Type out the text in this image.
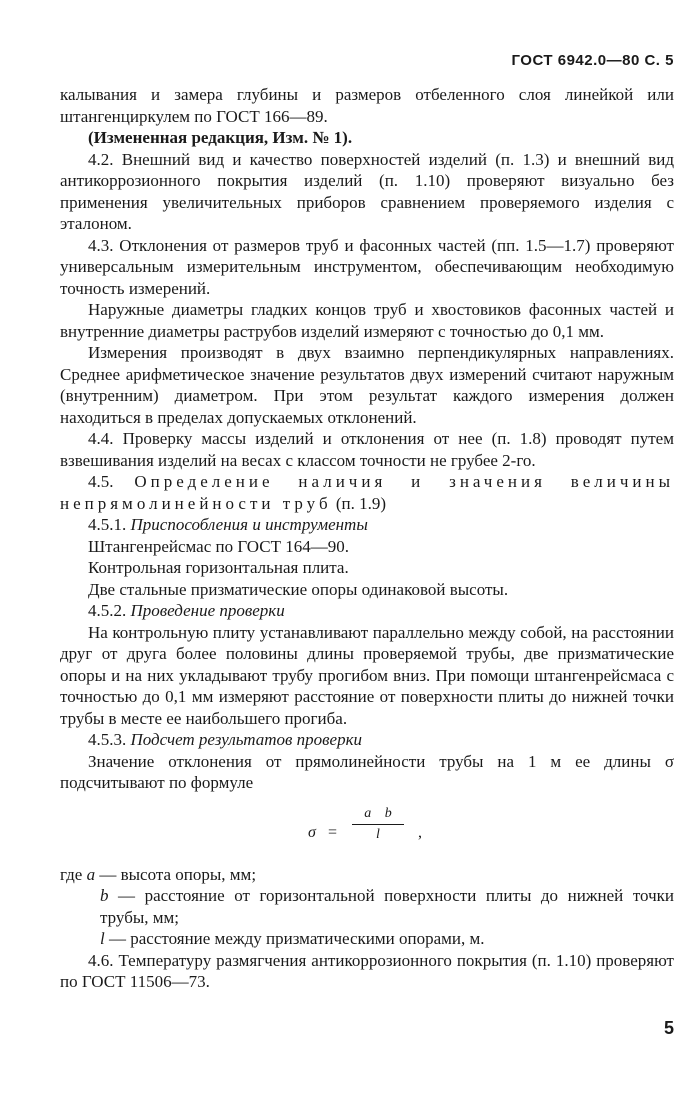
ГОСТ 6942.0—80 С. 5

калывания и замера глубины и размеров отбеленного слоя линейкой или штангенциркулем по ГОСТ 166—89.

(Измененная редакция, Изм. № 1).

4.2. Внешний вид и качество поверхностей изделий (п. 1.3) и внешний вид антикоррозионного покрытия изделий (п. 1.10) проверяют визуально без применения увеличительных приборов сравнением проверяемого изделия с эталоном.

4.3. Отклонения от размеров труб и фасонных частей (пп. 1.5—1.7) проверяют универсальным измерительным инструментом, обеспечивающим необходимую точность измерений.

Наружные диаметры гладких концов труб и хвостовиков фасонных частей и внутренние диаметры раструбов изделий измеряют с точностью до 0,1 мм.

Измерения производят в двух взаимно перпендикулярных направлениях. Среднее арифметическое значение результатов двух измерений считают наружным (внутренним) диаметром. При этом результат каждого измерения должен находиться в пределах допускаемых отклонений.

4.4. Проверку массы изделий и отклонения от нее (п. 1.8) проводят путем взвешивания изделий на весах с классом точности не грубее 2-го.

4.5. Определение наличия и значения величины непрямолинейности труб (п. 1.9)

4.5.1. Приспособления и инструменты

Штангенрейсмас по ГОСТ 164—90.

Контрольная горизонтальная плита.

Две стальные призматические опоры одинаковой высоты.

4.5.2. Проведение проверки

На контрольную плиту устанавливают параллельно между собой, на расстоянии друг от друга более половины длины проверяемой трубы, две призматические опоры и на них укладывают трубу прогибом вниз. При помощи штангенрейсмаса с точностью до 0,1 мм измеряют расстояние от поверхности плиты до нижней точки трубы в месте ее наибольшего прогиба.

4.5.3. Подсчет результатов проверки

Значение отклонения от прямолинейности трубы на 1 м ее длины σ подсчитывают по формуле

σ =
a b
l	,

где a — высота опоры, мм;

b — расстояние от горизонтальной поверхности плиты до нижней точки трубы, мм;

l — расстояние между призматическими опорами, м.

4.6. Температуру размягчения антикоррозионного покрытия (п. 1.10) проверяют по ГОСТ 11506—73.

5
